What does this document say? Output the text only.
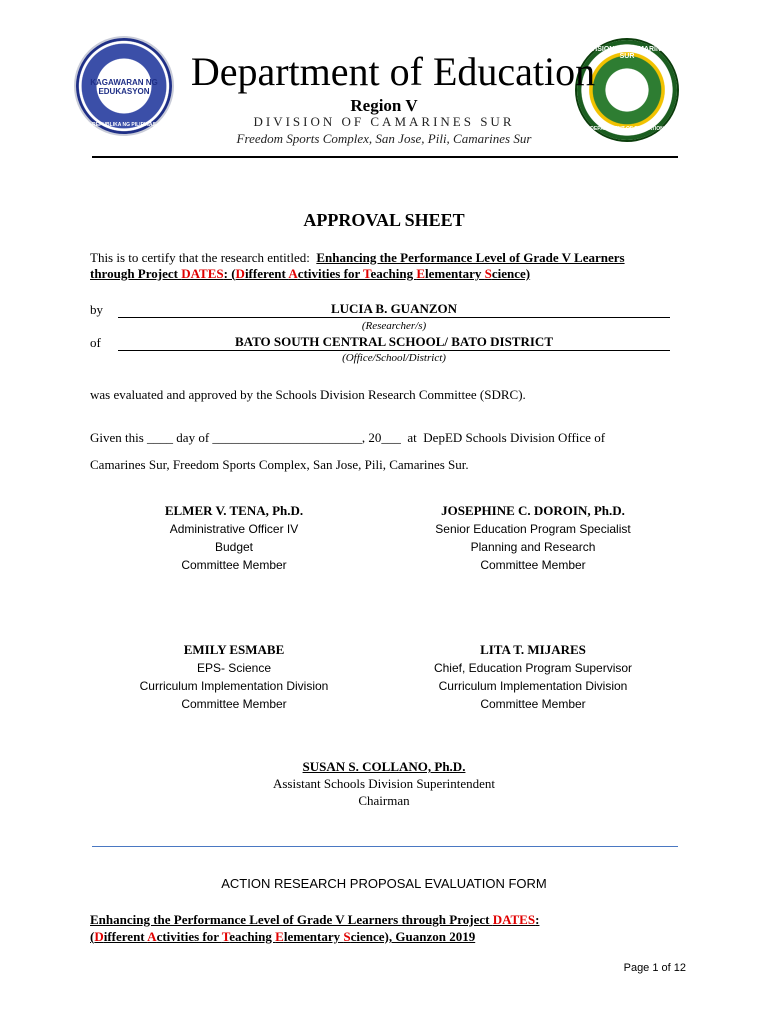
KAGAWARAN NG EDUKASYON
REPUBLIKA NG PILIPINAS
DIVISION OF CAMARINES SUR
DEPARTMENT OF EDUCATION
Department of Education
Region V
DIVISION OF CAMARINES SUR
Freedom Sports Complex, San Jose, Pili, Camarines Sur
APPROVAL SHEET
This is to certify that the research entitled: Enhancing the Performance Level of Grade V Learners
through Project DATES: (Different Activities for Teaching Elementary Science)
by	LUCIA B. GUANZON
(Researcher/s)
of	BATO SOUTH CENTRAL SCHOOL/ BATO DISTRICT
(Office/School/District)
was evaluated and approved by the Schools Division Research Committee (SDRC).
Given this ____ day of _______________________, 20___  at  DepED Schools Division Office of
Camarines Sur, Freedom Sports Complex, San Jose, Pili, Camarines Sur.
ELMER V. TENA, Ph.D.
Administrative Officer IV
Budget
Committee Member
JOSEPHINE C. DOROIN, Ph.D.
Senior Education Program Specialist
Planning and Research
Committee Member
EMILY ESMABE
EPS- Science
Curriculum Implementation Division
Committee Member
LITA T. MIJARES
Chief, Education Program Supervisor
Curriculum Implementation Division
Committee Member
SUSAN S. COLLANO, Ph.D.
Assistant Schools Division Superintendent
Chairman
ACTION RESEARCH PROPOSAL EVALUATION FORM
Enhancing the Performance Level of Grade V Learners through Project DATES:
(Different Activities for Teaching Elementary Science), Guanzon 2019
Page 1 of 12
